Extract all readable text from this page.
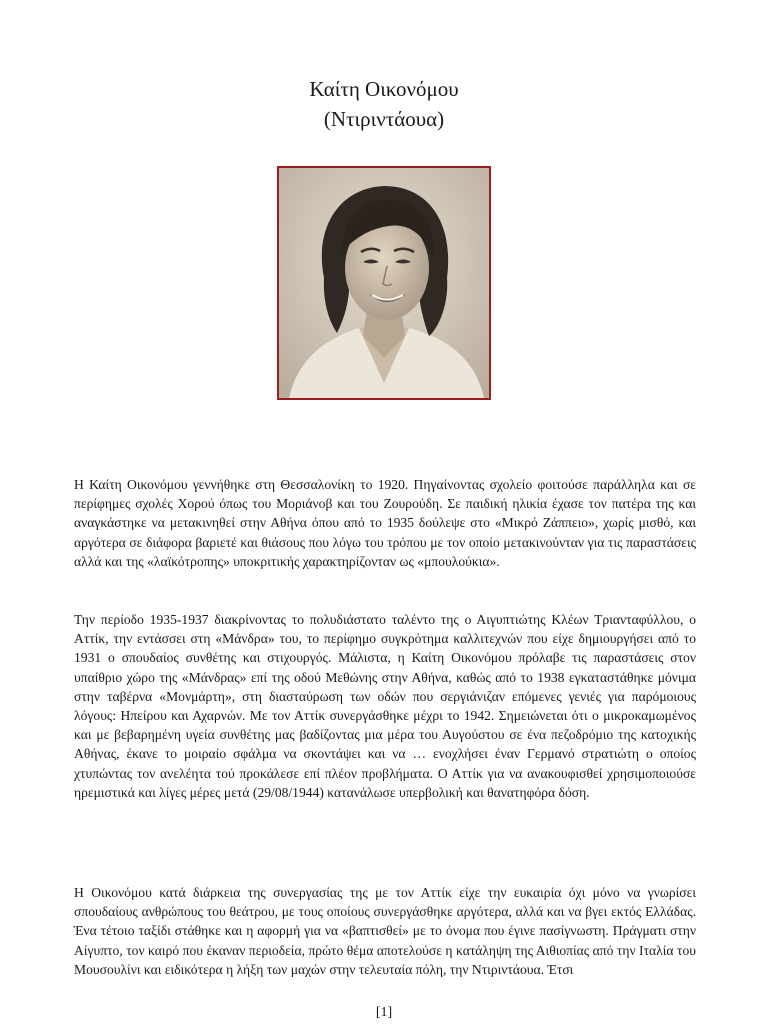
Καίτη Οικονόμου
(Ντιριντάουα)

Η Καίτη Οικονόμου γεννήθηκε στη Θεσσαλονίκη το 1920. Πηγαίνοντας σχολείο φοιτούσε παράλληλα και σε περίφημες σχολές Χορού όπως του Μοριάνοβ και του Ζουρούδη. Σε παιδική ηλικία έχασε τον πατέρα της και αναγκάστηκε να μετακινηθεί στην Αθήνα όπου από το 1935 δούλεψε στο «Μικρό Ζάππειο», χωρίς μισθό, και αργότερα σε διάφορα βαριετέ και θιάσους που λόγω του τρόπου με τον οποίο μετακινούνταν για τις παραστάσεις αλλά και της «λαϊκότροπης» υποκριτικής χαρακτηρίζονταν ως «μπουλούκια».

Την περίοδο 1935-1937 διακρίνοντας το πολυδιάστατο ταλέντο της ο Αιγυπτιώτης Κλέων Τριανταφύλλου, ο Αττίκ, την εντάσσει στη «Μάνδρα» του, το περίφημο συγκρότημα καλλιτεχνών που είχε δημιουργήσει από το 1931 ο σπουδαίος συνθέτης και στιχουργός. Μάλιστα, η Καίτη Οικονόμου πρόλαβε τις παραστάσεις στον υπαίθριο χώρο της «Μάνδρας» επί της οδού Μεθώνης στην Αθήνα, καθώς από το 1938 εγκαταστάθηκε μόνιμα στην ταβέρνα «Μονμάρτη», στη διασταύρωση των οδών που σεργιάνιζαν επόμενες γενιές για παρόμοιους λόγους: Ηπείρου και Αχαρνών. Με τον Αττίκ συνεργάσθηκε μέχρι το 1942. Σημειώνεται ότι ο μικροκαμωμένος και με βεβαρημένη υγεία συνθέτης μας βαδίζοντας μια μέρα του Αυγούστου σε ένα πεζοδρόμιο της κατοχικής Αθήνας, έκανε το μοιραίο σφάλμα να σκοντάψει και να … ενοχλήσει έναν Γερμανό στρατιώτη ο οποίος χτυπώντας τον ανελέητα τού προκάλεσε επί πλέον προβλήματα. Ο Αττίκ για να ανακουφισθεί χρησιμοποιούσε ηρεμιστικά και λίγες μέρες μετά (29/08/1944) κατανάλωσε υπερβολική και θανατηφόρα δόση.

Η Οικονόμου κατά διάρκεια της συνεργασίας της με τον Αττίκ είχε την ευκαιρία όχι μόνο να γνωρίσει σπουδαίους ανθρώπους του θεάτρου, με τους οποίους συνεργάσθηκε αργότερα, αλλά και να βγει εκτός Ελλάδας. Ένα τέτοιο ταξίδι στάθηκε και η αφορμή για να «βαπτισθεί» με το όνομα που έγινε πασίγνωστη. Πράγματι στην Αίγυπτο, τον καιρό που έκαναν περιοδεία, πρώτο θέμα αποτελούσε η κατάληψη της Αιθιοπίας από την Ιταλία του Μουσουλίνι και ειδικότερα η λήξη των μαχών στην τελευταία πόλη, την Ντιριντάουα. Έτσι

[1]
